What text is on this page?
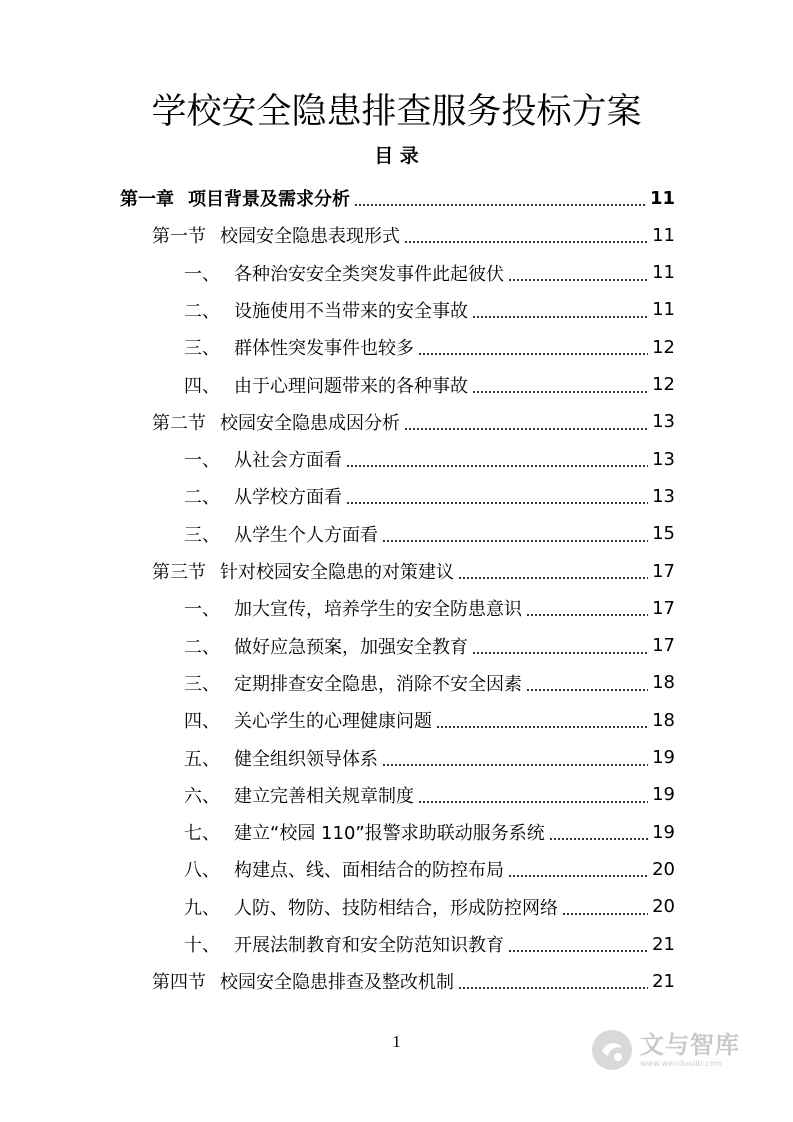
学校安全隐患排查服务投标方案
目 录
第一章 项目背景及需求分析	11
第一节 校园安全隐患表现形式	11
一、 各种治安安全类突发事件此起彼伏	11
二、 设施使用不当带来的安全事故	11
三、 群体性突发事件也较多	12
四、 由于心理问题带来的各种事故	12
第二节 校园安全隐患成因分析	13
一、 从社会方面看	13
二、 从学校方面看	13
三、 从学生个人方面看	15
第三节 针对校园安全隐患的对策建议	17
一、 加大宣传，培养学生的安全防患意识	17
二、 做好应急预案，加强安全教育	17
三、 定期排查安全隐患，消除不安全因素	18
四、 关心学生的心理健康问题	18
五、 健全组织领导体系	19
六、 建立完善相关规章制度	19
七、 建立“校园 110”报警求助联动服务系统	19
八、 构建点、线、面相结合的防控布局	20
九、 人防、物防、技防相结合，形成防控网络	20
十、 开展法制教育和安全防范知识教育	21
第四节 校园安全隐患排查及整改机制	21
1	文与智库
www.wenduolib.com
